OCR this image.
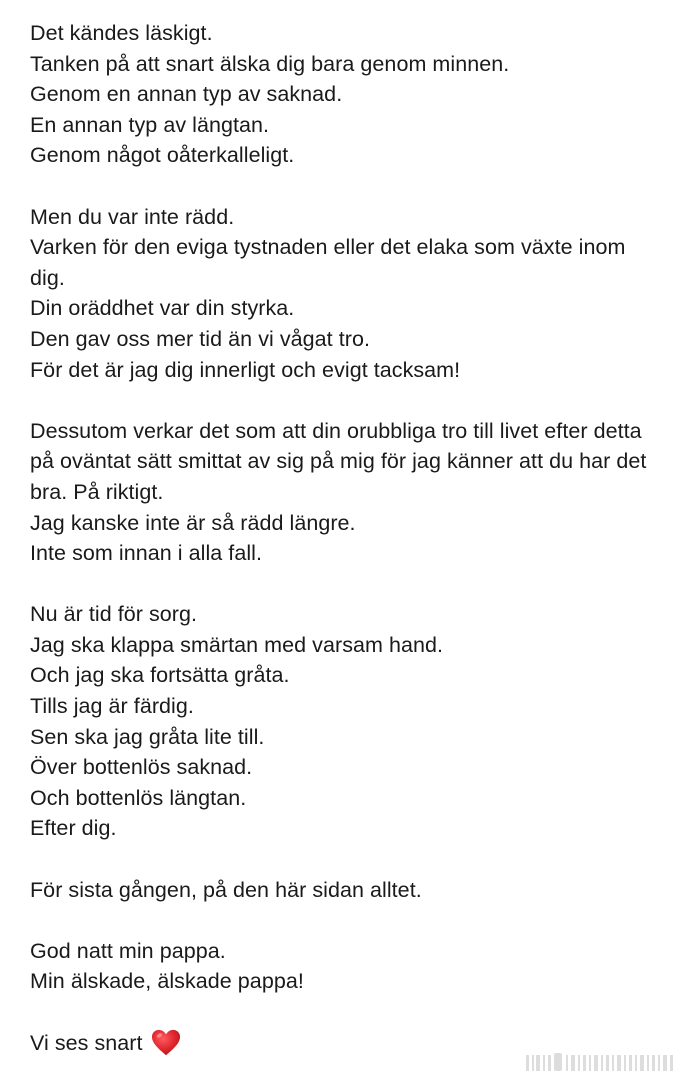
Det kändes läskigt.
Tanken på att snart älska dig bara genom minnen.
Genom en annan typ av saknad.
En annan typ av längtan.
Genom något oåterkalleligt.

Men du var inte rädd.
Varken för den eviga tystnaden eller det elaka som växte inom dig.
Din oräddhet var din styrka.
Den gav oss mer tid än vi vågat tro.
För det är jag dig innerligt och evigt tacksam!

Dessutom verkar det som att din orubbliga tro till livet efter detta på oväntat sätt smittat av sig på mig för jag känner att du har det bra. På riktigt.
Jag kanske inte är så rädd längre.
Inte som innan i alla fall.

Nu är tid för sorg.
Jag ska klappa smärtan med varsam hand.
Och jag ska fortsätta gråta.
Tills jag är färdig.
Sen ska jag gråta lite till.
Över bottenlös saknad.
Och bottenlös längtan.
Efter dig.

För sista gången, på den här sidan alltet.

God natt min pappa.
Min älskade, älskade pappa!

Vi ses snart
